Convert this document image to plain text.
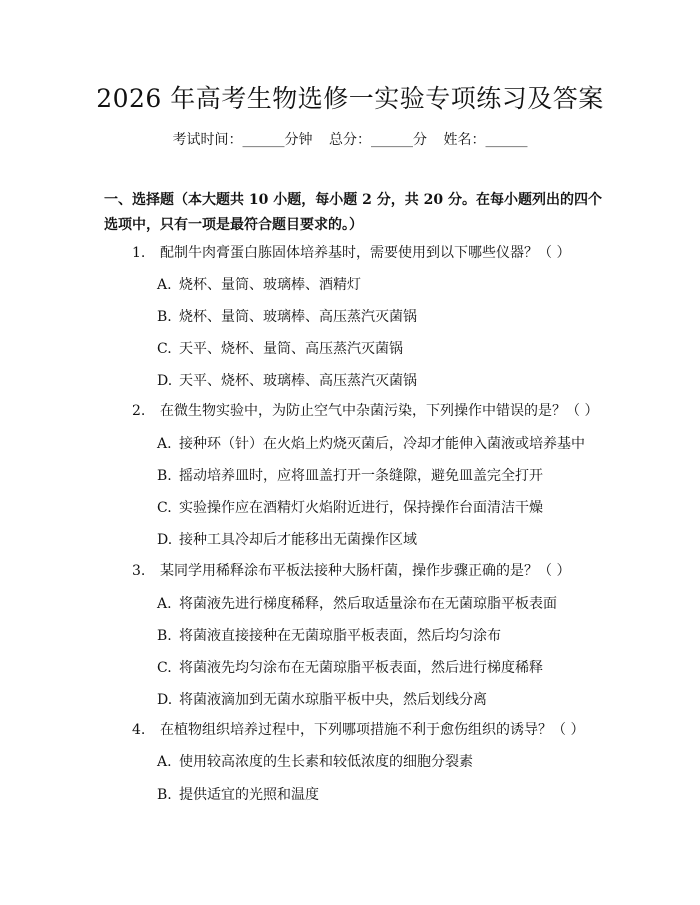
2026 年高考生物选修一实验专项练习及答案
考试时间：______分钟 总分：______分 姓名：______
一、选择题（本大题共 10 小题，每小题 2 分，共 20 分。在每小题列出的四个选项中，只有一项是最符合题目要求的。）
1. 配制牛肉膏蛋白胨固体培养基时，需要使用到以下哪些仪器？（ ）
A. 烧杯、量筒、玻璃棒、酒精灯
B. 烧杯、量筒、玻璃棒、高压蒸汽灭菌锅
C. 天平、烧杯、量筒、高压蒸汽灭菌锅
D. 天平、烧杯、玻璃棒、高压蒸汽灭菌锅
2. 在微生物实验中，为防止空气中杂菌污染，下列操作中错误的是？（ ）
A. 接种环（针）在火焰上灼烧灭菌后，冷却才能伸入菌液或培养基中
B. 摇动培养皿时，应将皿盖打开一条缝隙，避免皿盖完全打开
C. 实验操作应在酒精灯火焰附近进行，保持操作台面清洁干燥
D. 接种工具冷却后才能移出无菌操作区域
3. 某同学用稀释涂布平板法接种大肠杆菌，操作步骤正确的是？（ ）
A. 将菌液先进行梯度稀释，然后取适量涂布在无菌琼脂平板表面
B. 将菌液直接接种在无菌琼脂平板表面，然后均匀涂布
C. 将菌液先均匀涂布在无菌琼脂平板表面，然后进行梯度稀释
D. 将菌液滴加到无菌水琼脂平板中央，然后划线分离
4. 在植物组织培养过程中，下列哪项措施不利于愈伤组织的诱导？（ ）
A. 使用较高浓度的生长素和较低浓度的细胞分裂素
B. 提供适宜的光照和温度
